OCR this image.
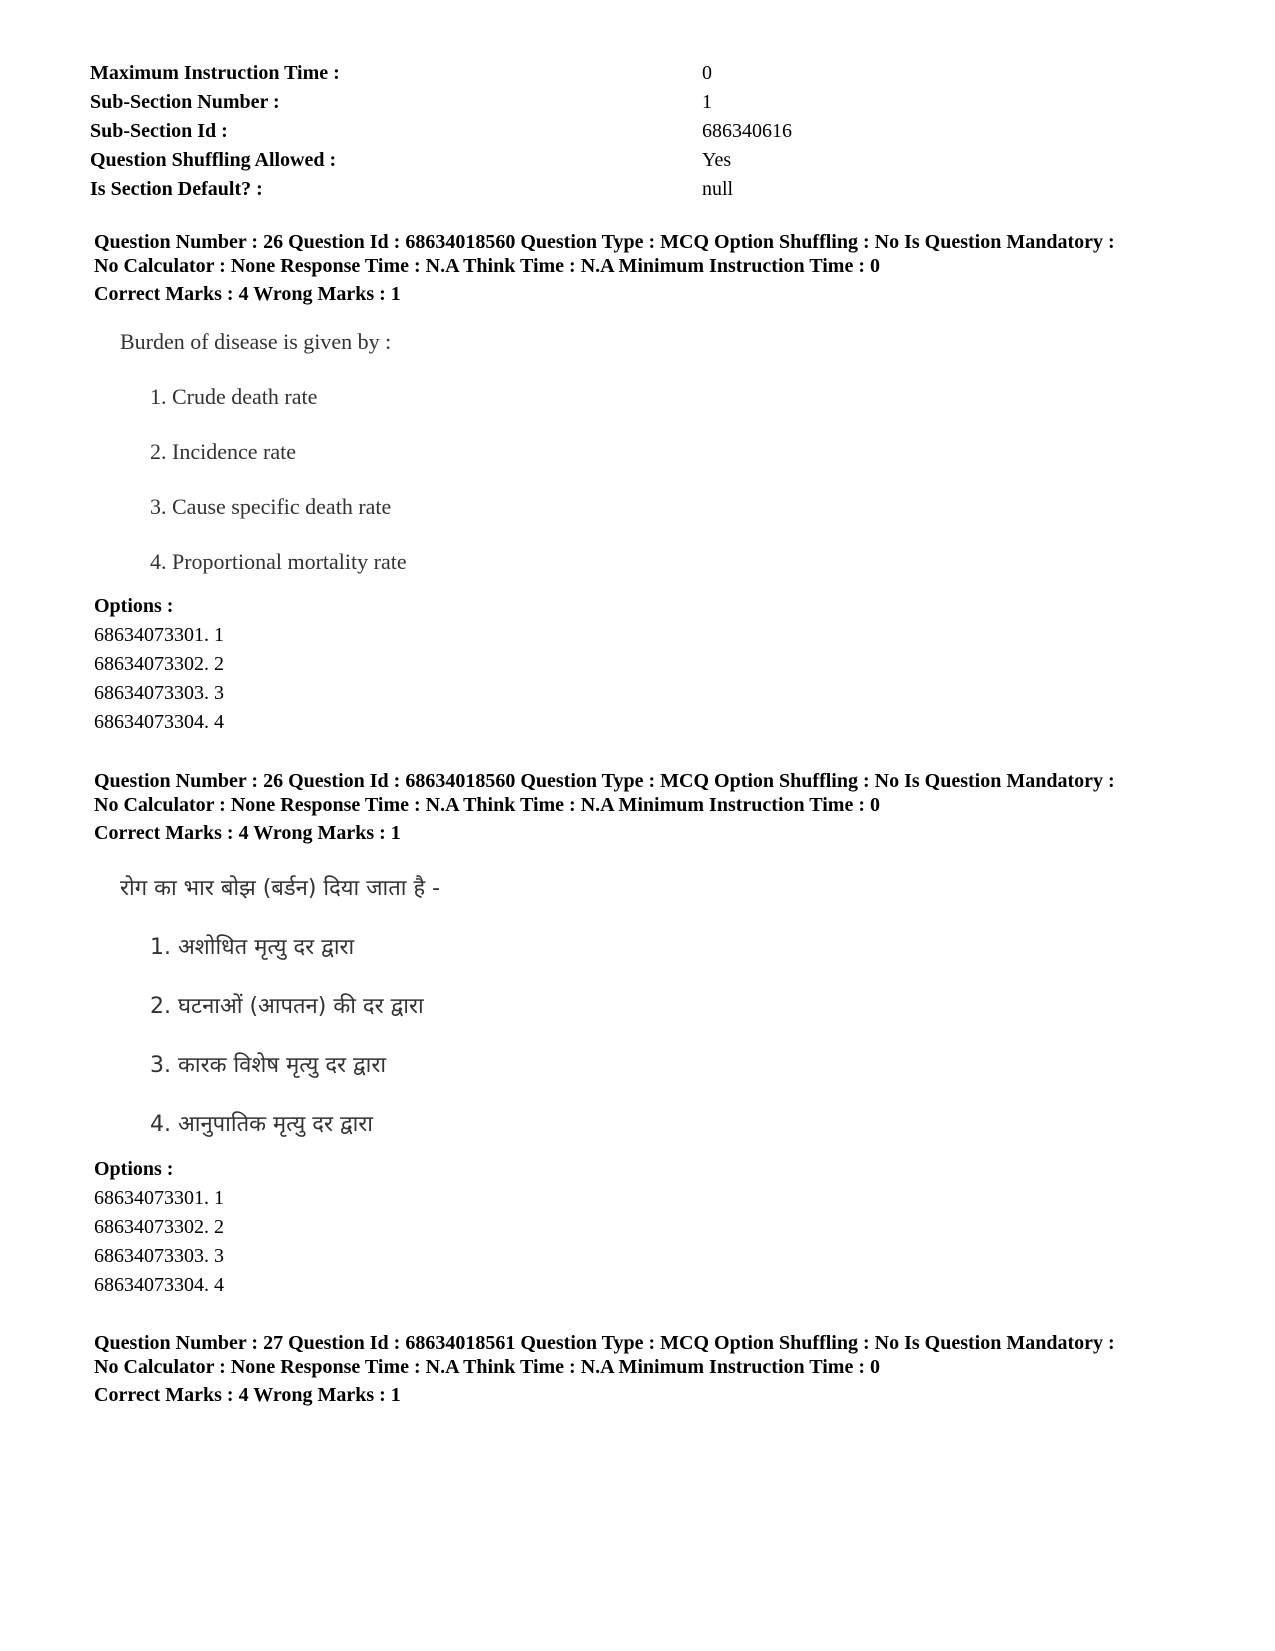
Maximum Instruction Time :	0
Sub-Section Number :	1
Sub-Section Id :	686340616
Question Shuffling Allowed :	Yes
Is Section Default? :	null
Question Number : 26 Question Id : 68634018560 Question Type : MCQ Option Shuffling : No Is Question Mandatory :
No Calculator : None Response Time : N.A Think Time : N.A Minimum Instruction Time : 0
Correct Marks : 4 Wrong Marks : 1
Burden of disease is given by :
1. Crude death rate
2. Incidence rate
3. Cause specific death rate
4. Proportional mortality rate
Options :
68634073301. 1
68634073302. 2
68634073303. 3
68634073304. 4
Question Number : 26 Question Id : 68634018560 Question Type : MCQ Option Shuffling : No Is Question Mandatory :
No Calculator : None Response Time : N.A Think Time : N.A Minimum Instruction Time : 0
Correct Marks : 4 Wrong Marks : 1
रोग का भार बोझ (बर्डन) दिया जाता है -
1. अशोधित मृत्यु दर द्वारा
2. घटनाओं (आपतन) की दर द्वारा
3. कारक विशेष मृत्यु दर द्वारा
4. आनुपातिक मृत्यु दर द्वारा
Options :
68634073301. 1
68634073302. 2
68634073303. 3
68634073304. 4
Question Number : 27 Question Id : 68634018561 Question Type : MCQ Option Shuffling : No Is Question Mandatory :
No Calculator : None Response Time : N.A Think Time : N.A Minimum Instruction Time : 0
Correct Marks : 4 Wrong Marks : 1
